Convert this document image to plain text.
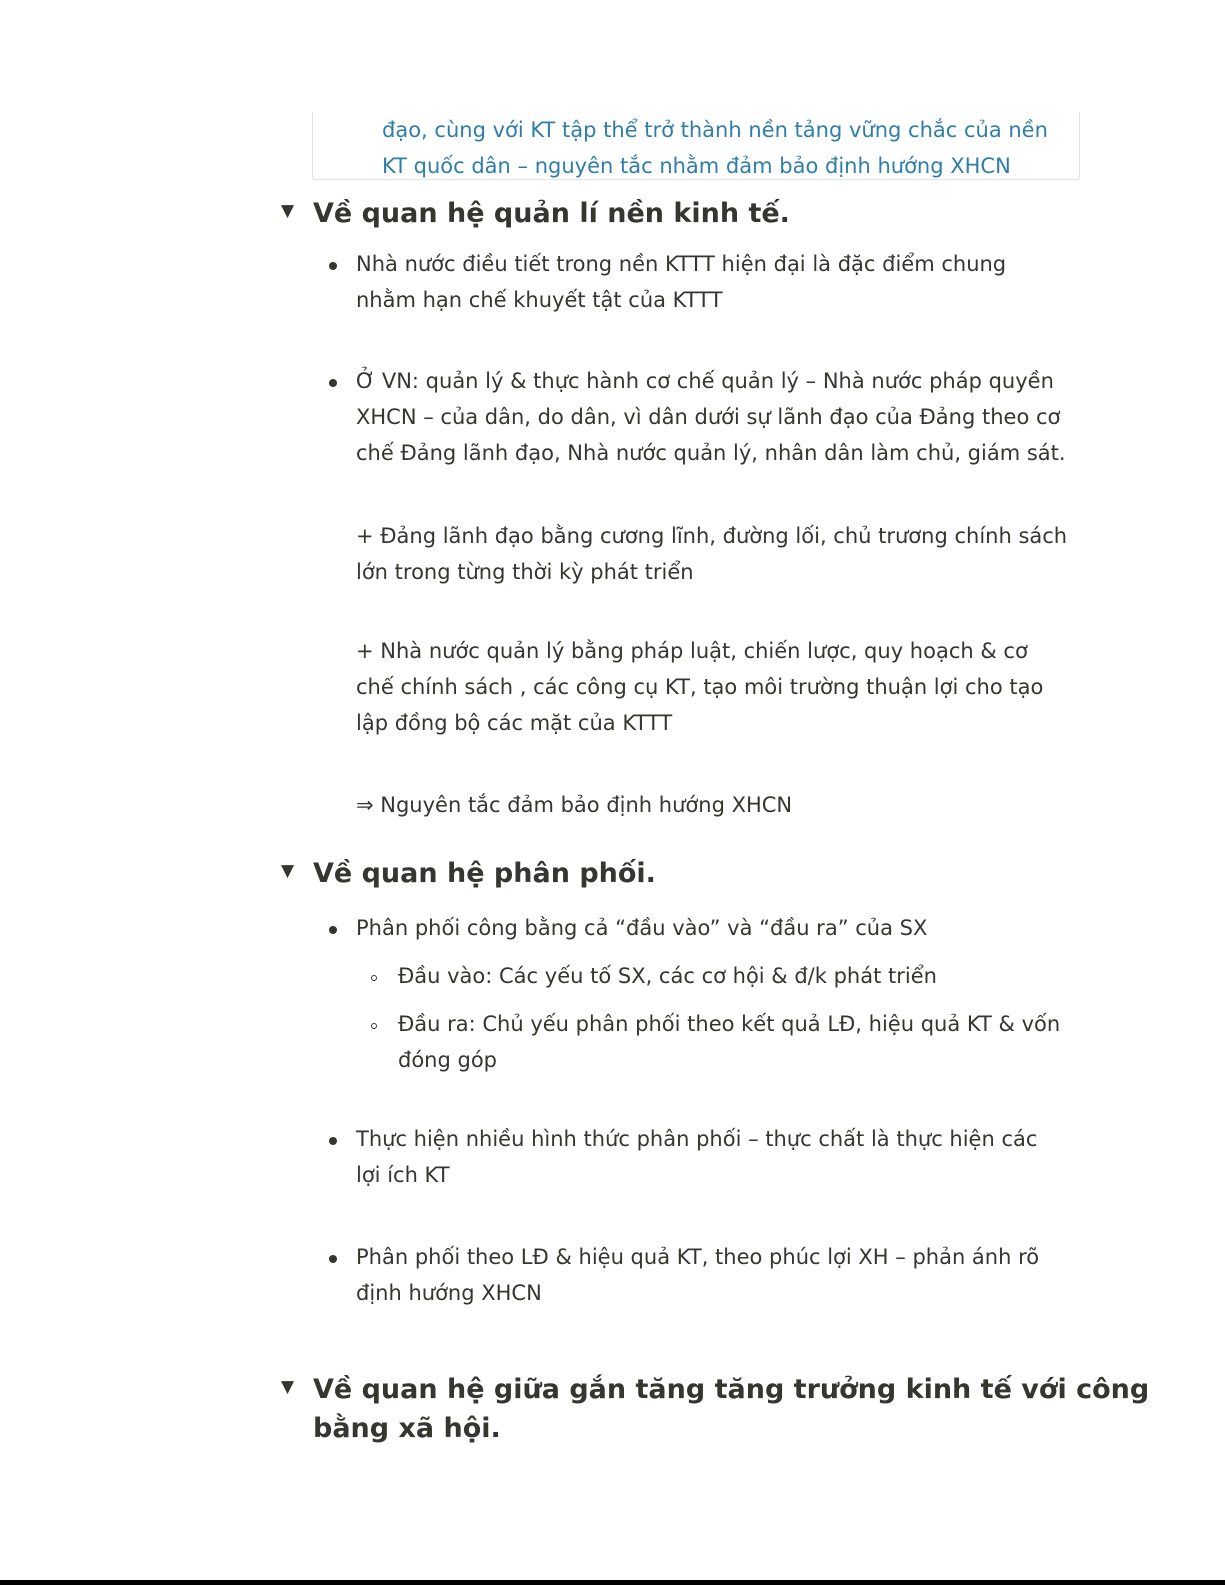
đạo, cùng với KT tập thể trở thành nền tảng vững chắc của nền
KT quốc dân – nguyên tắc nhằm đảm bảo định hướng XHCN
▼ Về quan hệ quản lí nền kinh tế.
Nhà nước điều tiết trong nền KTTT hiện đại là đặc điểm chung
nhằm hạn chế khuyết tật của KTTT
Ở VN: quản lý & thực hành cơ chế quản lý – Nhà nước pháp quyền
XHCN – của dân, do dân, vì dân dưới sự lãnh đạo của Đảng theo cơ
chế Đảng lãnh đạo, Nhà nước quản lý, nhân dân làm chủ, giám sát.
+ Đảng lãnh đạo bằng cương lĩnh, đường lối, chủ trương chính sách
lớn trong từng thời kỳ phát triển
+ Nhà nước quản lý bằng pháp luật, chiến lược, quy hoạch & cơ
chế chính sách , các công cụ KT, tạo môi trường thuận lợi cho tạo
lập đồng bộ các mặt của KTTT
⇒ Nguyên tắc đảm bảo định hướng XHCN
▼ Về quan hệ phân phối.
Phân phối công bằng cả “đầu vào” và “đầu ra” của SX
Đầu vào: Các yếu tố SX, các cơ hội & đ/k phát triển
Đầu ra: Chủ yếu phân phối theo kết quả LĐ, hiệu quả KT & vốn
đóng góp
Thực hiện nhiều hình thức phân phối – thực chất là thực hiện các
lợi ích KT
Phân phối theo LĐ & hiệu quả KT, theo phúc lợi XH – phản ánh rõ
định hướng XHCN
▼ Về quan hệ giữa gắn tăng tăng trưởng kinh tế với công
bằng xã hội.
